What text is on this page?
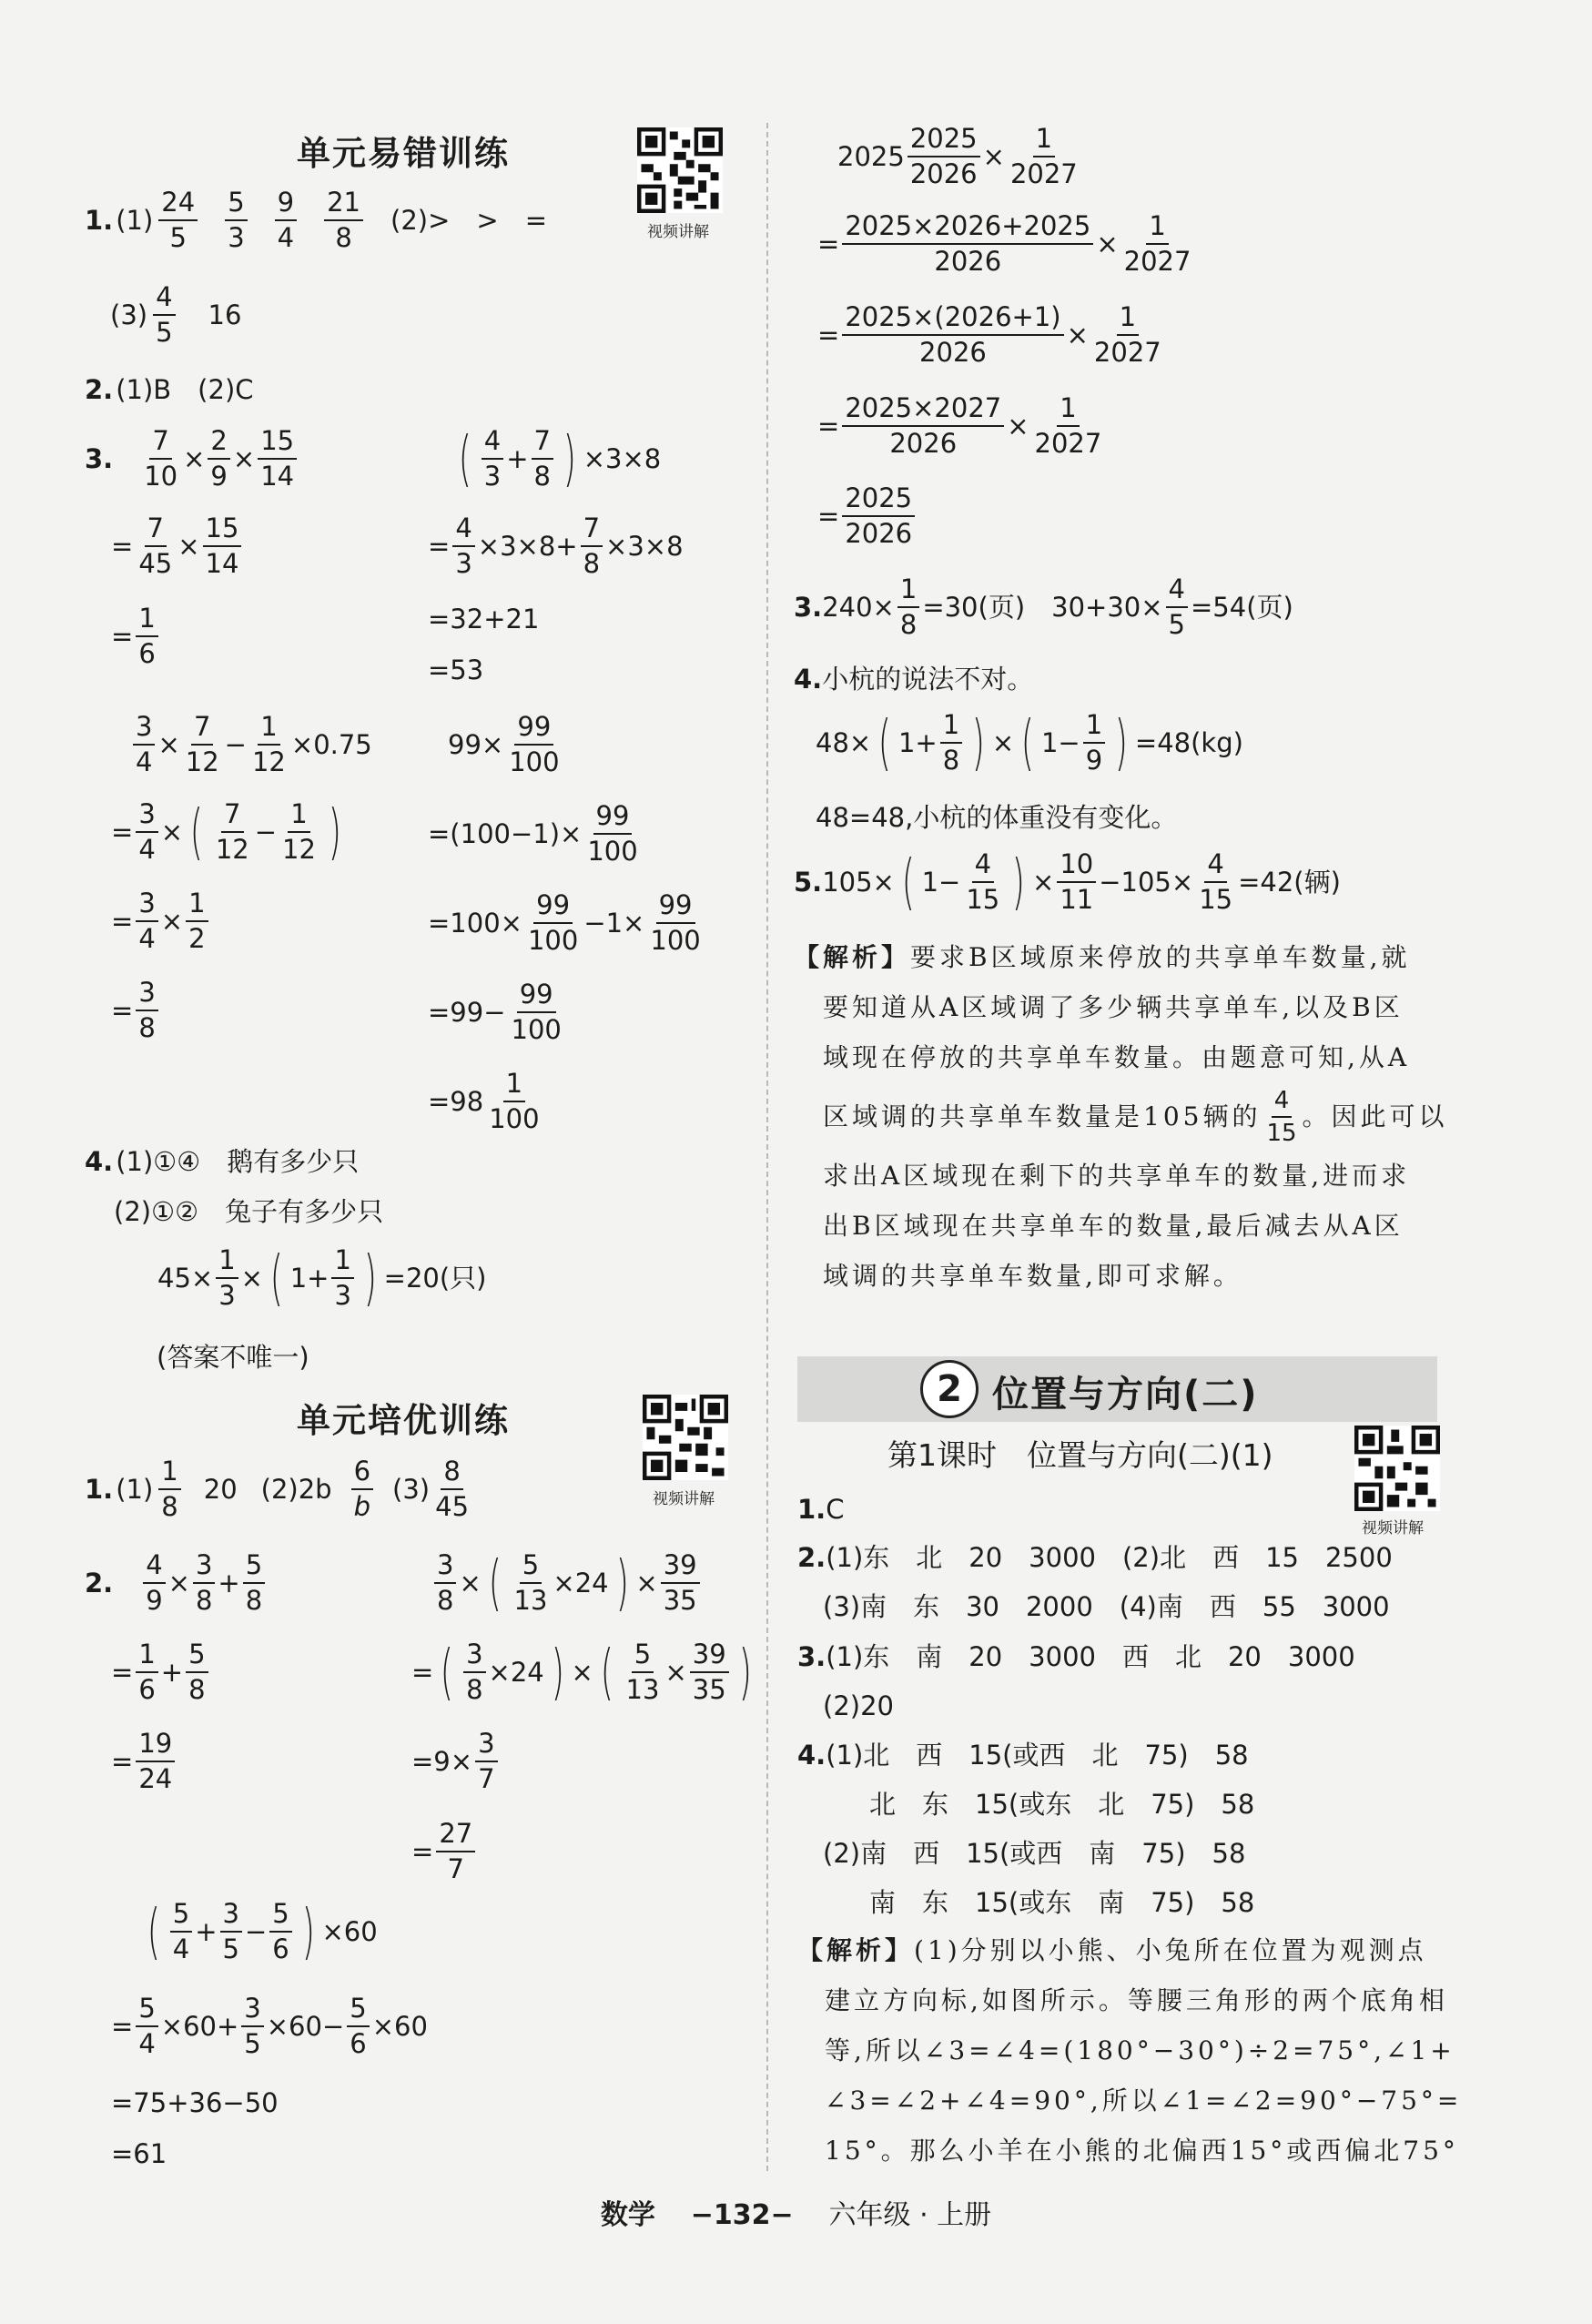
单元易错训练
视频讲解
1. $(1) \frac{24}{5} \frac{5}{3} \frac{9}{4} \frac{21}{8} (2)>$　>　=
$(3) \frac{4}{5} 16$
2. (1)B　(2)C
3. $\frac{7}{10} \times \frac{2}{9} \times \frac{15}{14}$
= $\frac{7}{45} \times \frac{15}{14}$
= $\frac{1}{6}$
( $\frac{4}{3} + \frac{7}{8}$ ) ×3×8
= $\frac{4}{3} \times 3\times 8+ \frac{7}{8} \times 3\times 8$
=32+21
=53
$\frac{3}{4} \times \frac{7}{12} - \frac{1}{12} \times 0.75$
= $\frac{3}{4}$ × ( $\frac{7}{12} - \frac{1}{12}$ )
= $\frac{3}{4} \times \frac{1}{2}$
= $\frac{3}{8}$
$99\times \frac{99}{100}$
$=(100-1)\times \frac{99}{100}$
$=100\times \frac{99}{100} -1\times \frac{99}{100}$
$=99- \frac{99}{100}$
$=98 \frac{1}{100}$
4. (1)①④　鹅有多少只
(2)①②　兔子有多少只
$45\times \frac{1}{3}$ × ( $1+ \frac{1}{3}$ ) =20(只)
(答案不唯一)
单元培优训练
视频讲解
1. $(1) \frac{1}{8} 20$ $(2)2b \frac{6}{b} (3) \frac{8}{45}$
2. $\frac{4}{9} \times \frac{3}{8} + \frac{5}{8}$
= $\frac{1}{6} + \frac{5}{8}$
= $\frac{19}{24}$
$\frac{3}{8}$ × ( $\frac{5}{13} \times 24$ ) × $\frac{39}{35}$
= ( $\frac{3}{8} \times 24$ ) × ( $\frac{5}{13} \times \frac{39}{35}$ )
$=9\times \frac{3}{7}$
= $\frac{27}{7}$
( $\frac{5}{4} + \frac{3}{5} - \frac{5}{6}$ ) ×60
= $\frac{5}{4} \times 60 + \frac{3}{5} \times 60 - \frac{5}{6} \times 60$
=75+36−50
=61
$2025 \frac{2025}{2026} \times \frac{1}{2027}$
= $\frac{2025\times 2026+2025}{2026} \times \frac{1}{2027}$
= $\frac{2025\times(2026+1)}{2026} \times \frac{1}{2027}$
= $\frac{2025\times 2027}{2026} \times \frac{1}{2027}$
= $\frac{2025}{2026}$
3. $240\times \frac{1}{8} =30$(页)　$30+30\times \frac{4}{5} =54$(页)
4. 小杭的说法不对。
48× ( $1+ \frac{1}{8}$ ) × ( $1- \frac{1}{9}$ ) =48(kg)
48=48,小杭的体重没有变化。
5. 105× ( $1- \frac{4}{15}$ ) × $\frac{10}{11} -105\times \frac{4}{15} =42$(辆)
【解析】要求B区域原来停放的共享单车数量,就
要知道从A区域调了多少辆共享单车,以及B区
域现在停放的共享单车数量。由题意可知,从A
区域调的共享单车数量是105辆的 $\frac{4}{15}$ 。因此可以
求出A区域现在剩下的共享单车的数量,进而求
出B区域现在共享单车的数量,最后减去从A区
域调的共享单车数量,即可求解。
2 位置与方向(二)
第1课时　位置与方向(二)(1)
视频讲解
1. C
2. (1)东　北　20　3000　(2)北　西　15　2500
(3)南　东　30　2000　(4)南　西　55　3000
3. (1)东　南　20　3000　西　北　20　3000
(2)20
4. (1)北　西　15(或西　北　75)　58
北　东　15(或东　北　75)　58
(2)南　西　15(或西　南　75)　58
南　东　15(或东　南　75)　58
【解析】(1)分别以小熊、小兔所在位置为观测点
建立方向标,如图所示。等腰三角形的两个底角相
等,所以∠3=∠4=(180°−30°)÷2=75°,∠1+
∠3=∠2+∠4=90°,所以∠1=∠2=90°−75°=
15°。那么小羊在小熊的北偏西15°或西偏北75°
数学 −132− 六年级 · 上册
